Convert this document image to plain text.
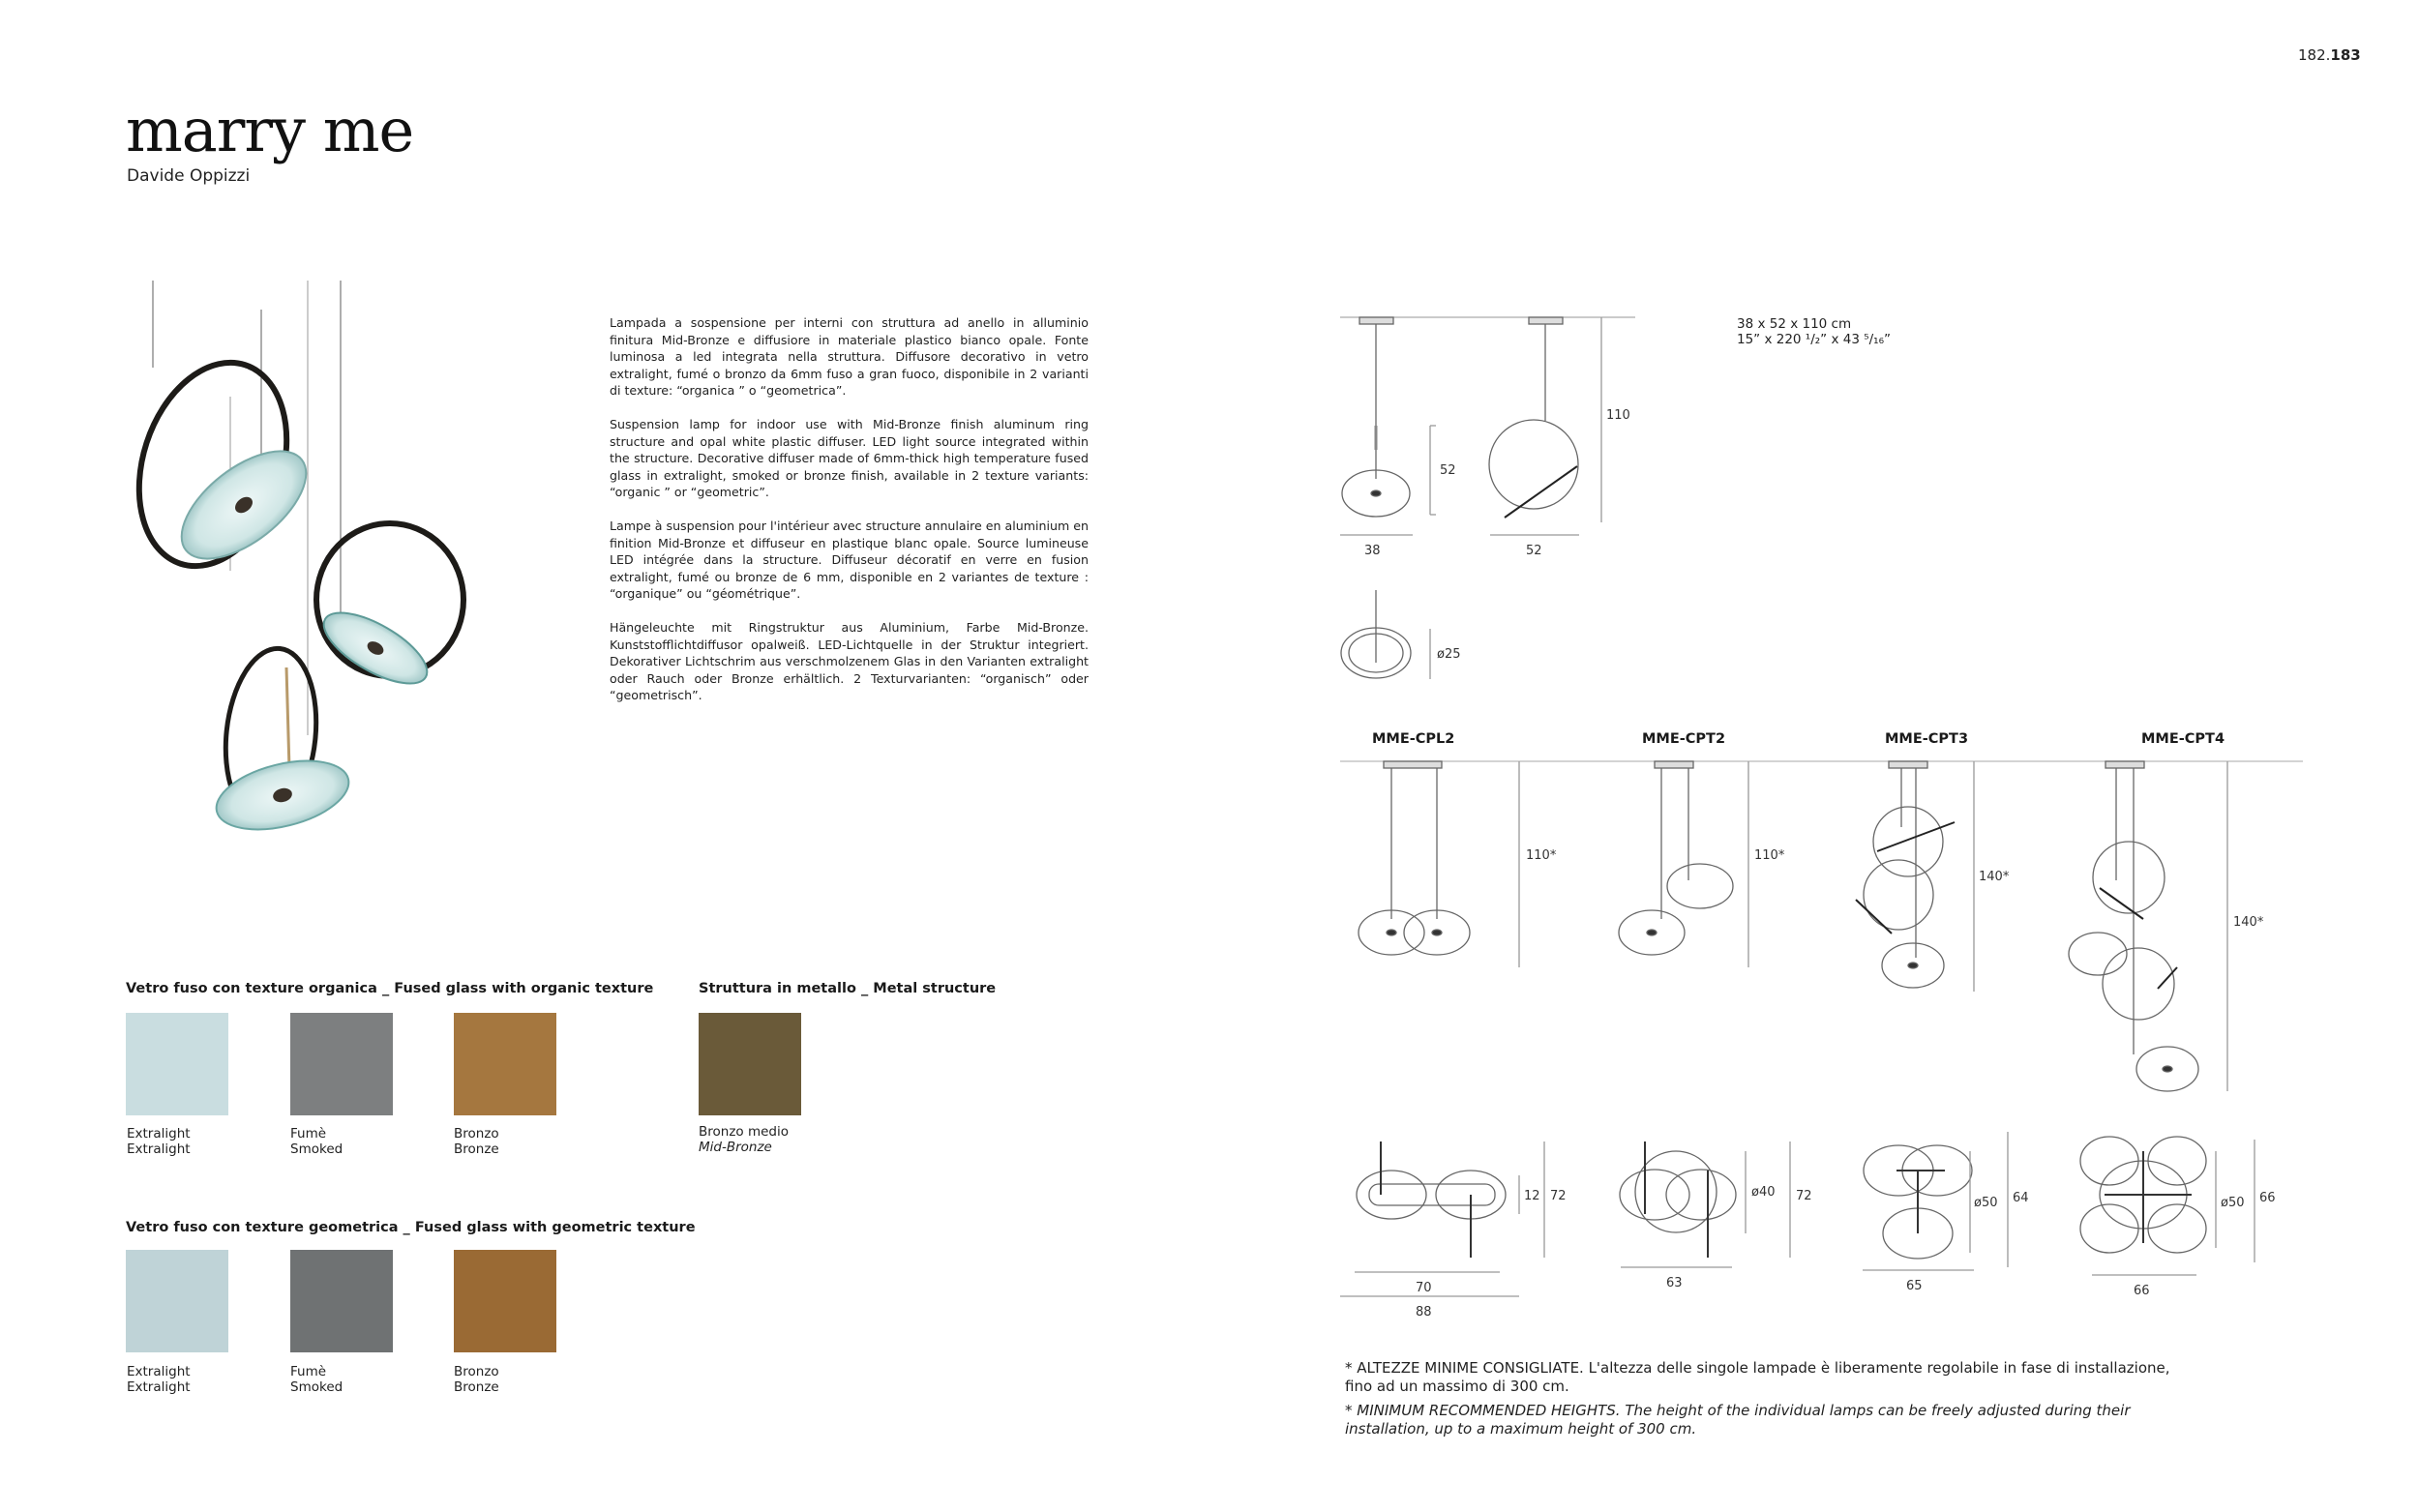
182.183
marry me
Davide Oppizzi

Lampada a sospensione per interni con struttura ad anello in alluminio finitura Mid-Bronze e diffusiore in materiale plastico bianco opale. Fonte luminosa a led integrata nella struttura. Diffusore decorativo in vetro extralight, fumé o bronzo da 6mm fuso a gran fuoco, disponibile in 2 varianti di texture: “organica ” o “geometrica”.

Suspension lamp for indoor use with Mid-Bronze finish aluminum ring structure and opal white plastic diffuser. LED light source integrated within the structure. Decorative diffuser made of 6mm-thick high temperature fused glass in extralight, smoked or bronze finish, available in 2 texture variants: “organic ” or “geometric”.

Lampe à suspension pour l'intérieur avec structure annulaire en aluminium en finition Mid-Bronze et diffuseur en plastique blanc opale. Source lumineuse LED intégrée dans la structure. Diffuseur décoratif en verre en fusion extralight, fumé ou bronze de 6 mm, disponible en 2 variantes de texture : “organique” ou “géométrique”.

Hängeleuchte mit Ringstruktur aus Aluminium, Farbe Mid-Bronze. Kunststofflichtdiffusor opalweiß. LED-Lichtquelle in der Struktur integriert. Dekorativer Lichtschrim aus verschmolzenem Glas in den Varianten extralight oder Rauch oder Bronze erhältlich. 2 Texturvarianten: “organisch” oder “geometrisch”.

Vetro fuso con texture organica _ Fused glass with organic texture
Extralight
Extralight
Fumè
Smoked
Bronzo
Bronze
Struttura in metallo _ Metal structure
Bronzo medio
Mid-Bronze
Vetro fuso con texture geometrica _ Fused glass with geometric texture
Extralight
Extralight
Fumè
Smoked
Bronzo
Bronze
38 x 52 x 110 cm
15” x 220 ¹/₂” x 43 ⁵/₁₆”
38	52
52
110
ø25
110*	110*
140*
140*
12 72
70
88
ø40 72
63
ø50 64
65
ø50 66
66
MME-CPL2	MME-CPT2	MME-CPT3	MME-CPT4

* ALTEZZE MINIME CONSIGLIATE. L'altezza delle singole lampade è liberamente regolabile in fase di installazione, fino ad un massimo di 300 cm.

* MINIMUM RECOMMENDED HEIGHTS. The height of the individual lamps can be freely adjusted during their installation, up to a maximum height of 300 cm.
